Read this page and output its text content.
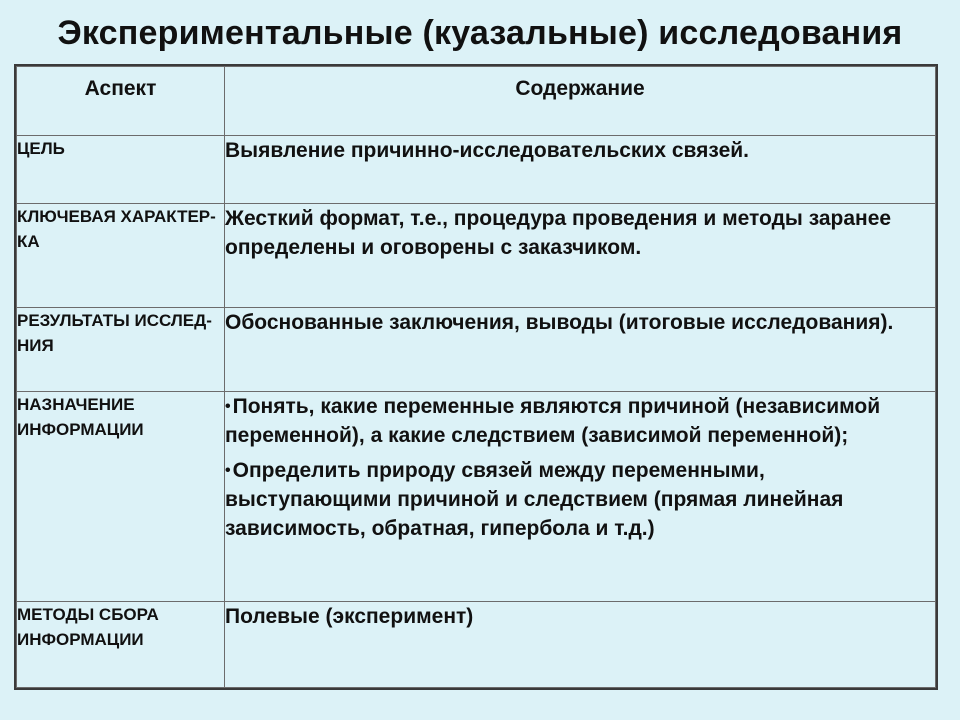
Экспериментальные (куазальные) исследования
Аспект	Содержание
ЦЕЛЬ	Выявление причинно-исследовательских связей.
КЛЮЧЕВАЯ ХАРАКТЕР-КА	Жесткий формат, т.е., процедура проведения и методы заранее определены и оговорены с заказчиком.
РЕЗУЛЬТАТЫ ИССЛЕД-НИЯ	Обоснованные заключения, выводы (итоговые исследования).
НАЗНАЧЕНИЕ ИНФОРМАЦИИ	•Понять, какие переменные являются причиной (независимой переменной), а какие следствием (зависимой переменной);
•Определить природу связей между переменными, выступающими причиной и следствием (прямая линейная зависимость, обратная, гипербола и т.д.)

МЕТОДЫ СБОРА ИНФОРМАЦИИ	Полевые (эксперимент)
